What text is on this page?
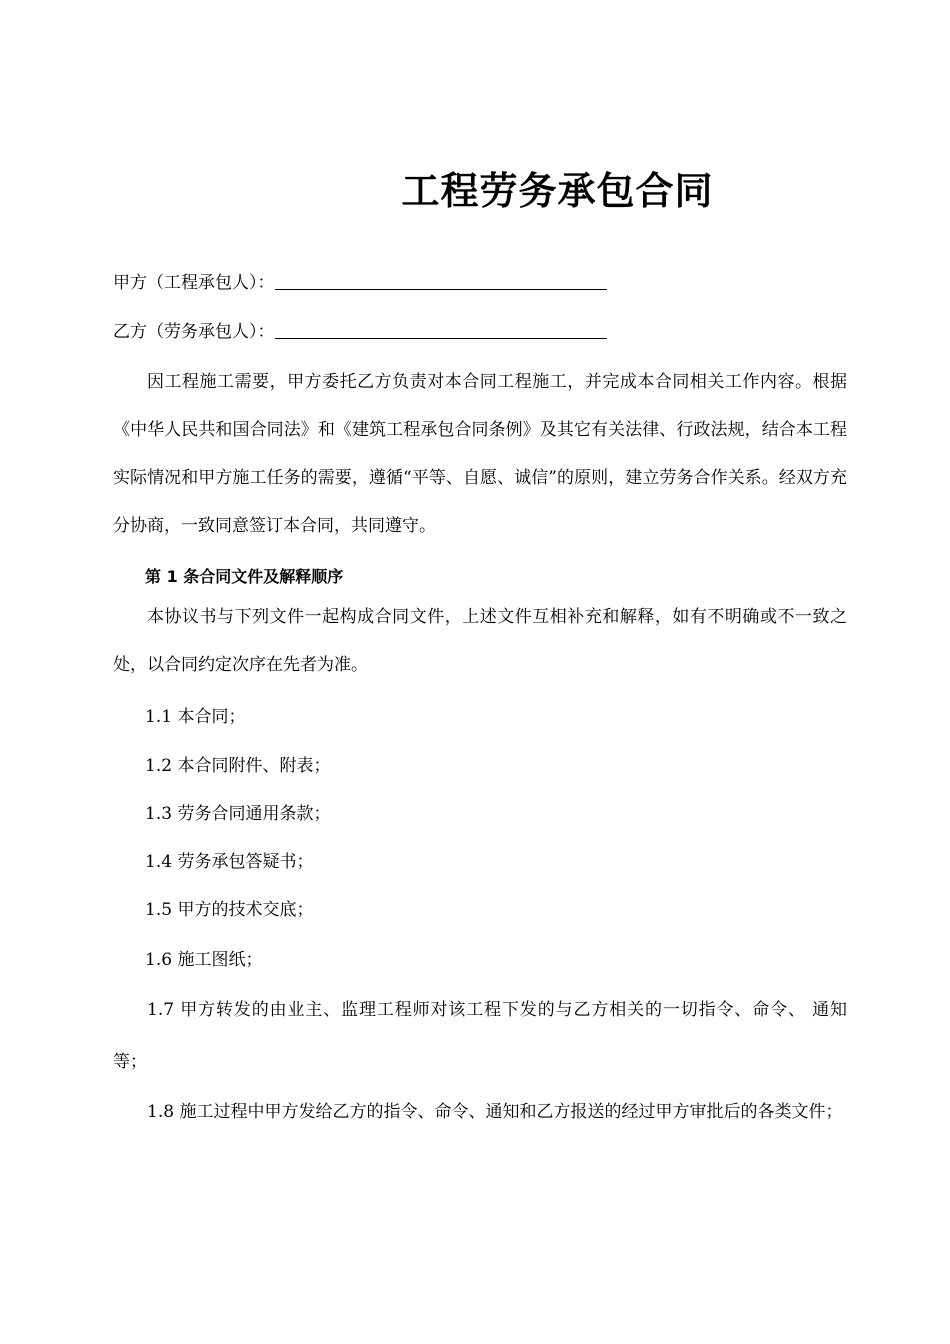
工程劳务承包合同
甲方（工程承包人）：
乙方（劳务承包人）：
因工程施工需要，甲方委托乙方负责对本合同工程施工，并完成本合同相关工作内容。根据《中华人民共和国合同法》和《建筑工程承包合同条例》及其它有关法律、行政法规，结合本工程实际情况和甲方施工任务的需要，遵循“平等、自愿、诚信”的原则，建立劳务合作关系。经双方充分协商，一致同意签订本合同，共同遵守。
第 1 条合同文件及解释顺序
本协议书与下列文件一起构成合同文件，上述文件互相补充和解释，如有不明确或不一致之处，以合同约定次序在先者为准。
1.1 本合同；
1.2 本合同附件、附表；
1.3 劳务合同通用条款；
1.4 劳务承包答疑书；
1.5 甲方的技术交底；
1.6 施工图纸；
1.7 甲方转发的由业主、监理工程师对该工程下发的与乙方相关的一切指令、命令、 通知等；
1.8 施工过程中甲方发给乙方的指令、命令、通知和乙方报送的经过甲方审批后的各类文件；
